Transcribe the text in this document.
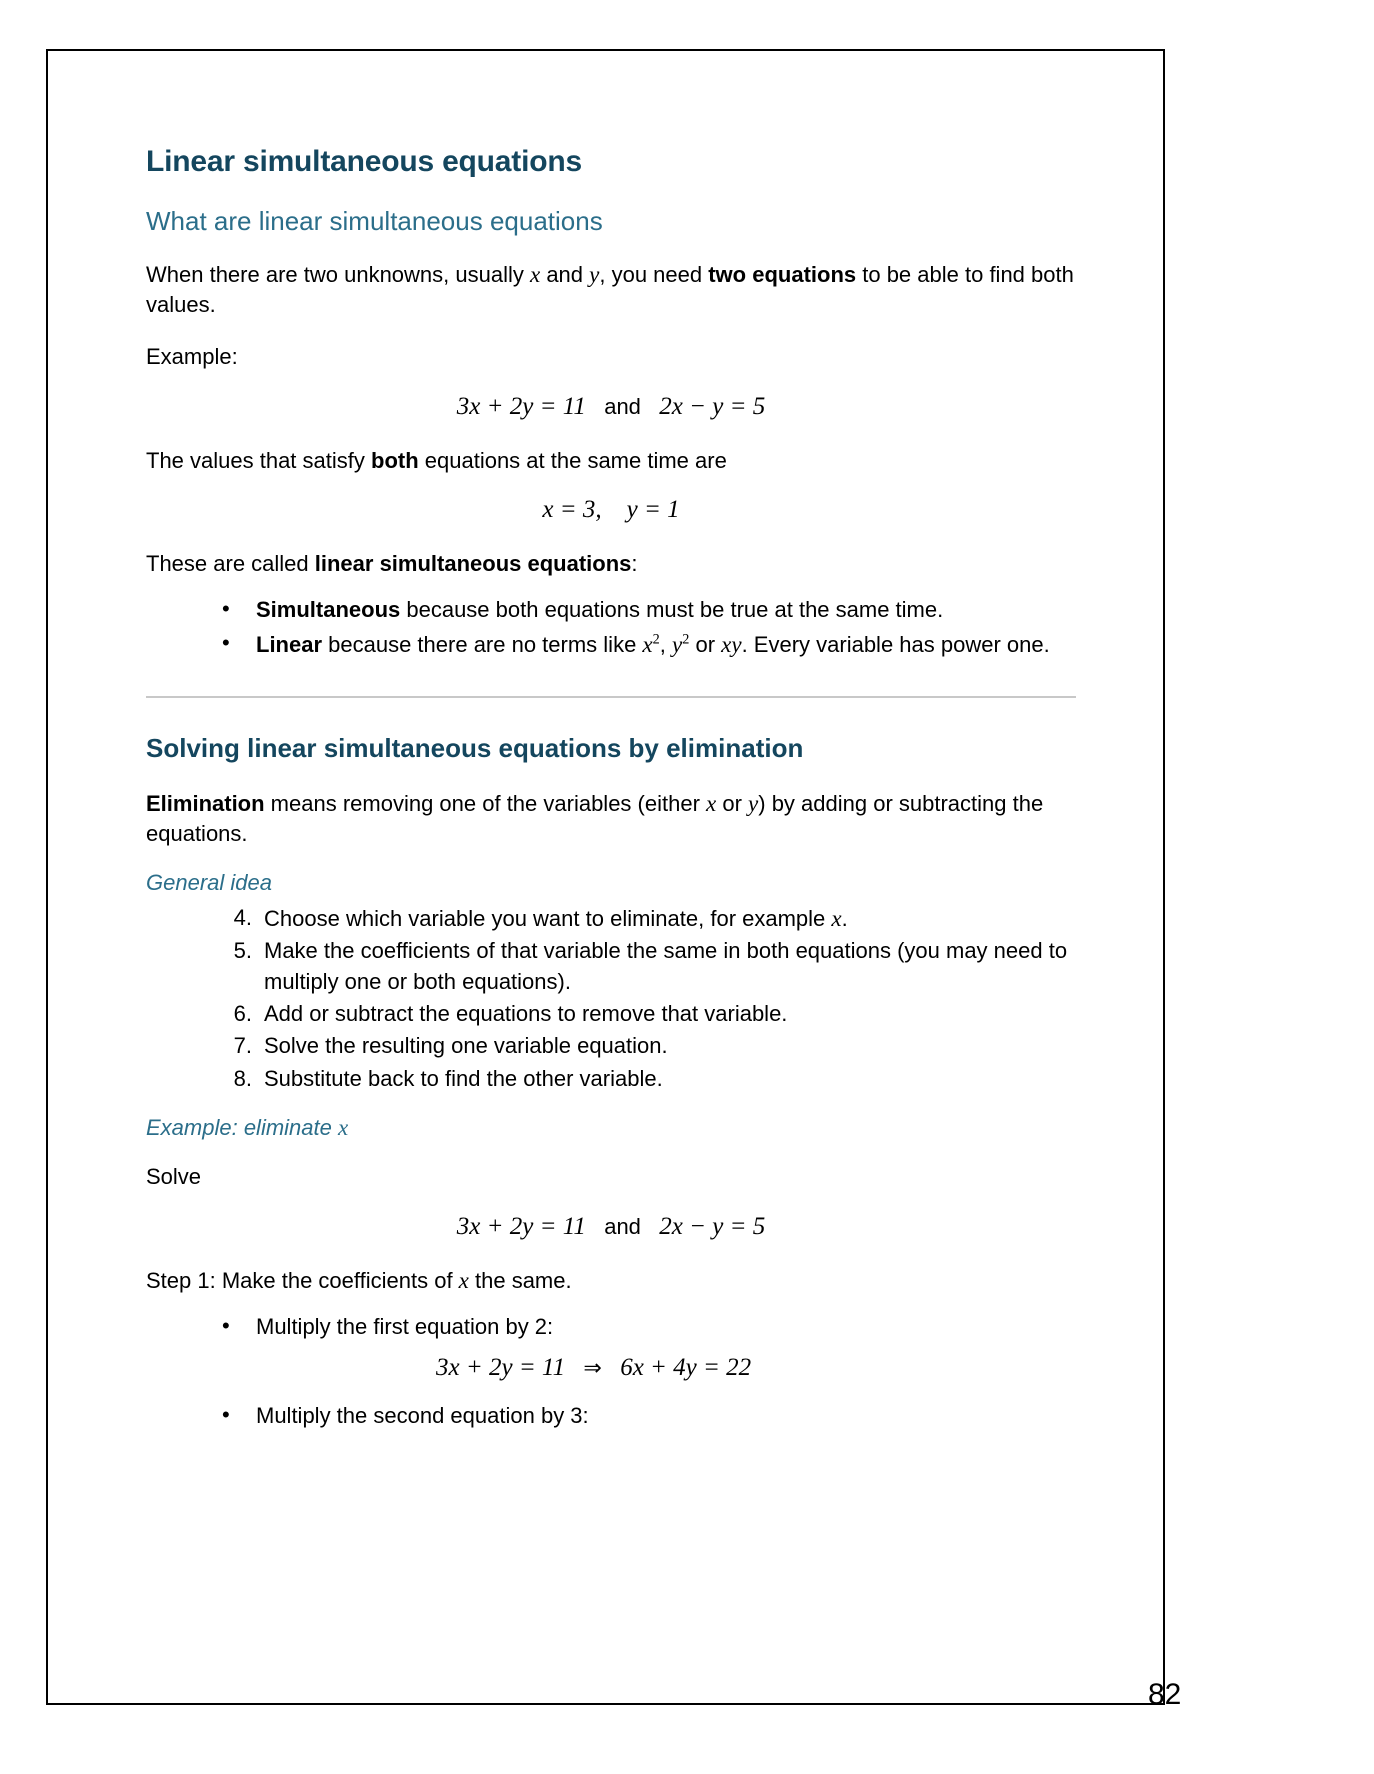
Linear simultaneous equations
What are linear simultaneous equations

When there are two unknowns, usually x and y, you need two equations to be able to find both values.

Example:

3x + 2y = 11 and 2x − y = 5

The values that satisfy both equations at the same time are

x = 3,    y = 1

These are called linear simultaneous equations:

• Simultaneous because both equations must be true at the same time.
• Linear because there are no terms like $x^2$, $y^2$ or xy. Every variable has power one.
Solving linear simultaneous equations by elimination

Elimination means removing one of the variables (either x or y) by adding or subtracting the equations.

General idea
4. Choose which variable you want to eliminate, for example x.
5. Make the coefficients of that variable the same in both equations (you may need to multiply one or both equations).
6. Add or subtract the equations to remove that variable.
7. Solve the resulting one variable equation.
8. Substitute back to find the other variable.
Example: eliminate x

Solve

3x + 2y = 11 and 2x − y = 5

Step 1: Make the coefficients of x the same.

• Multiply the first equation by 2:
3x + 2y = 11 ⇒ 6x + 4y = 22
• Multiply the second equation by 3:
82
